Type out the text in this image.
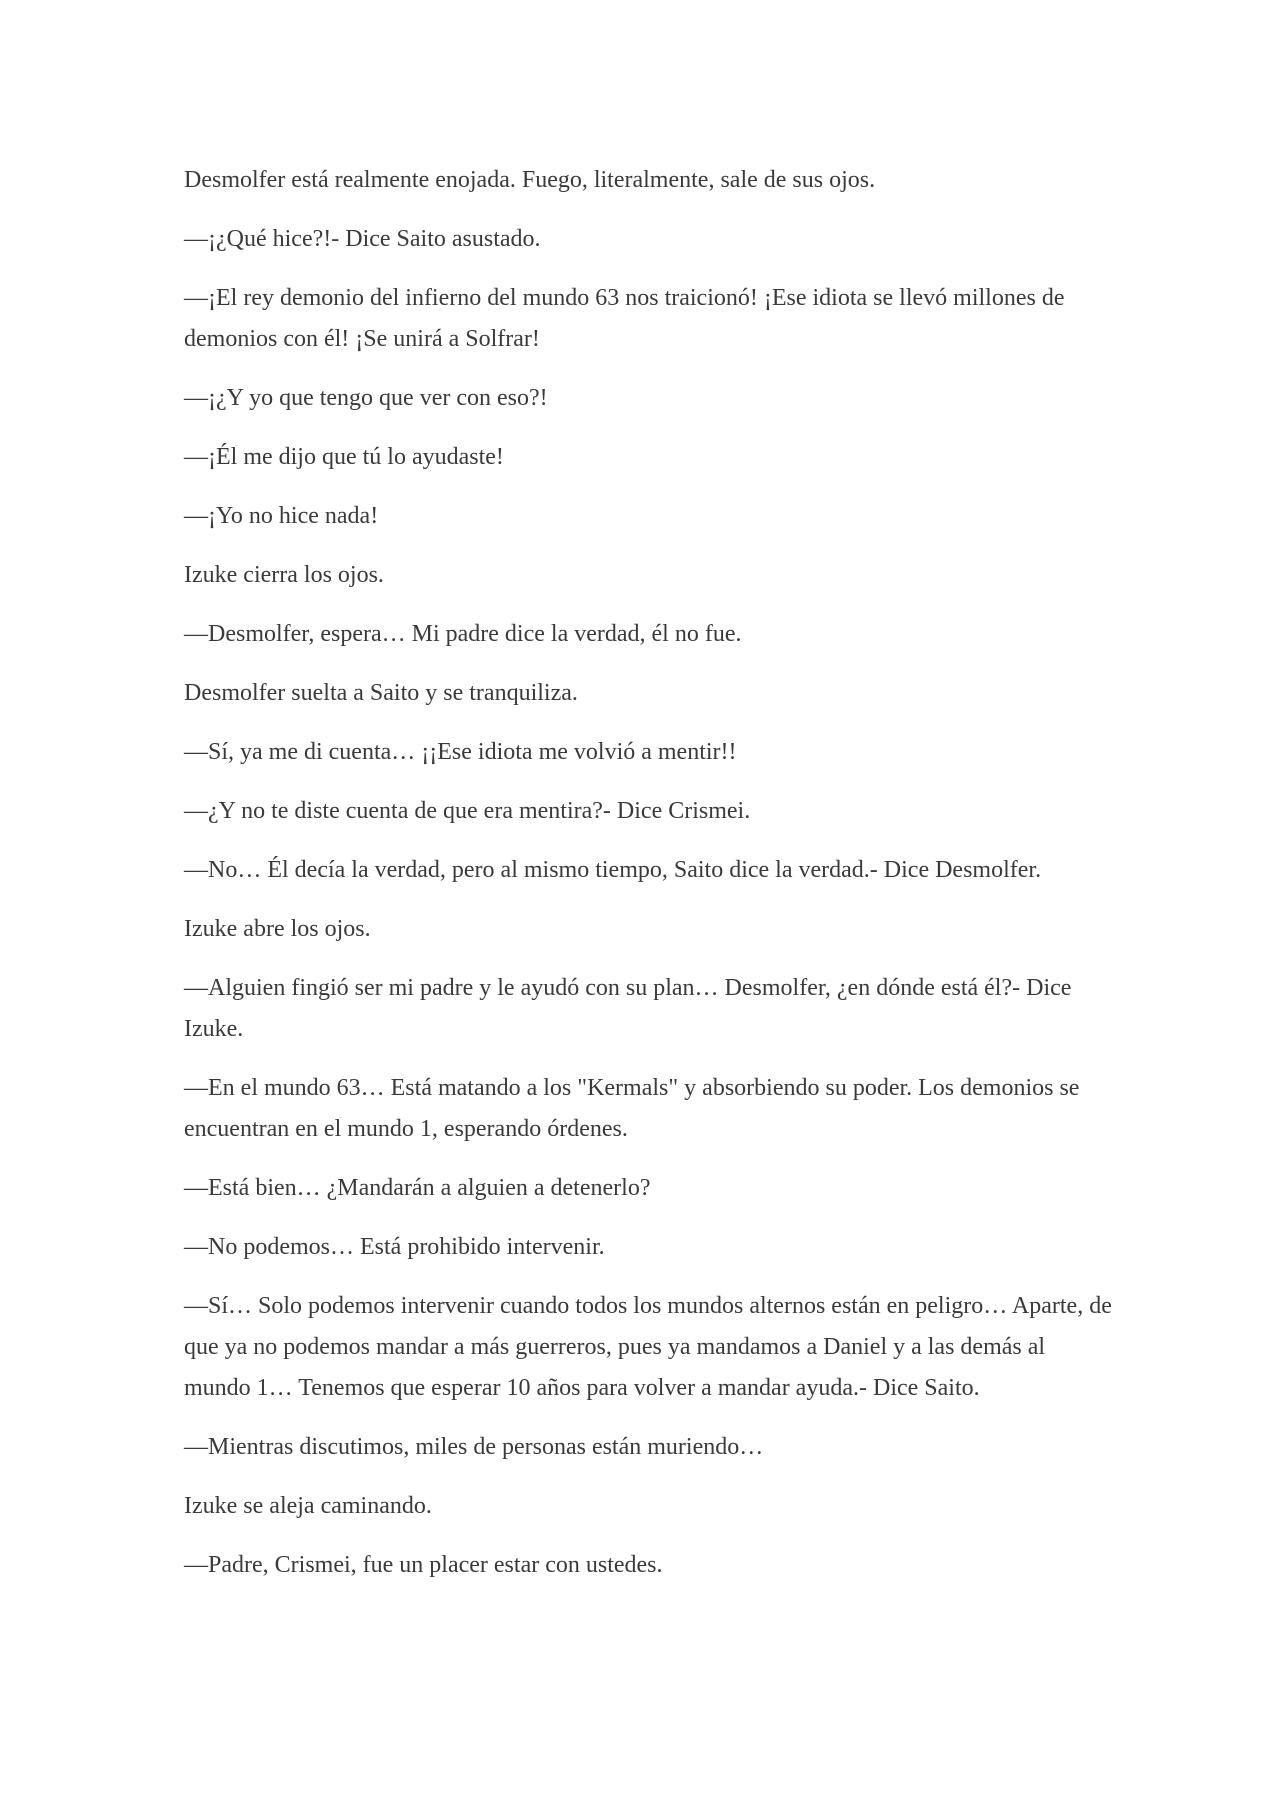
Desmolfer está realmente enojada. Fuego, literalmente, sale de sus ojos.

—¡¿Qué hice?!- Dice Saito asustado.

—¡El rey demonio del infierno del mundo 63 nos traicionó! ¡Ese idiota se llevó millones de demonios con él! ¡Se unirá a Solfrar!

—¡¿Y yo que tengo que ver con eso?!

—¡Él me dijo que tú lo ayudaste!

—¡Yo no hice nada!

Izuke cierra los ojos.

—Desmolfer, espera… Mi padre dice la verdad, él no fue.

Desmolfer suelta a Saito y se tranquiliza.

—Sí, ya me di cuenta… ¡¡Ese idiota me volvió a mentir!!

—¿Y no te diste cuenta de que era mentira?- Dice Crismei.

—No… Él decía la verdad, pero al mismo tiempo, Saito dice la verdad.- Dice Desmolfer.

Izuke abre los ojos.

—Alguien fingió ser mi padre y le ayudó con su plan… Desmolfer, ¿en dónde está él?- Dice Izuke.

—En el mundo 63… Está matando a los "Kermals" y absorbiendo su poder. Los demonios se encuentran en el mundo 1, esperando órdenes.

—Está bien… ¿Mandarán a alguien a detenerlo?

—No podemos… Está prohibido intervenir.

—Sí… Solo podemos intervenir cuando todos los mundos alternos están en peligro… Aparte, de que ya no podemos mandar a más guerreros, pues ya mandamos a Daniel y a las demás al mundo 1… Tenemos que esperar 10 años para volver a mandar ayuda.- Dice Saito.

—Mientras discutimos, miles de personas están muriendo…

Izuke se aleja caminando.

—Padre, Crismei, fue un placer estar con ustedes.
